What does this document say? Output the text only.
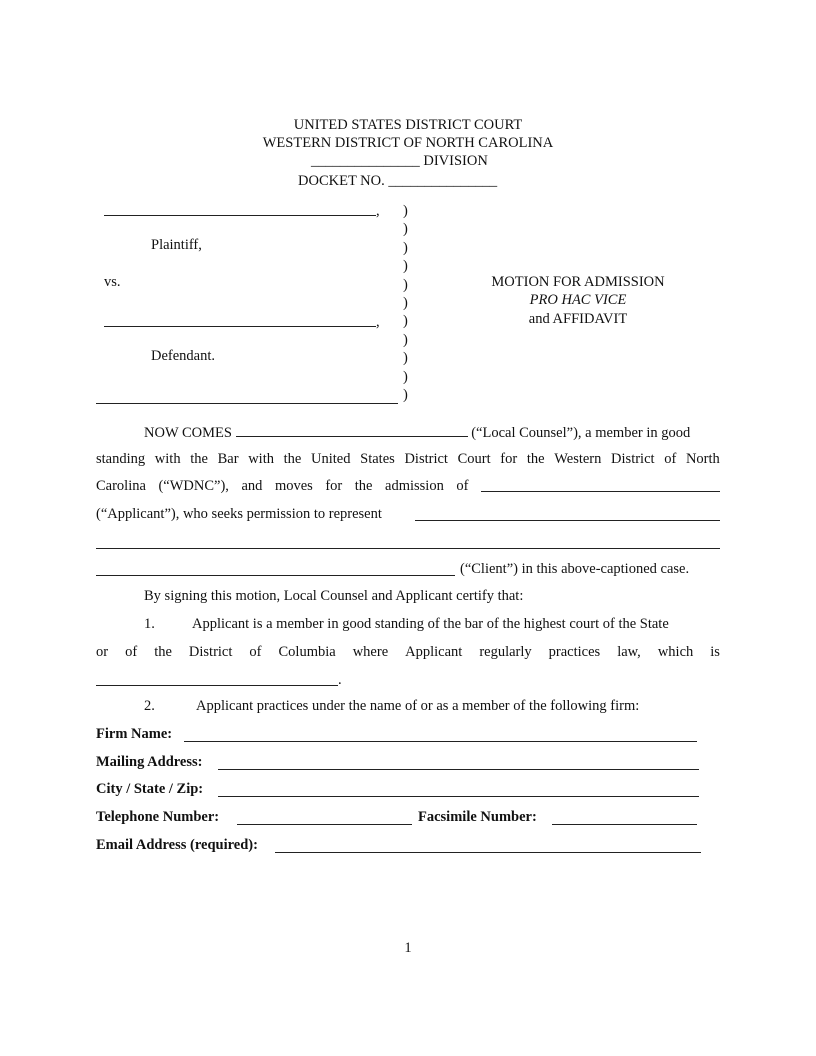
UNITED STATES DISTRICT COURT
WESTERN DISTRICT OF NORTH CAROLINA
_______________ DIVISION
DOCKET NO. _______________
,
Plaintiff,
vs.
,
Defendant.
)
)
)
)
)
)
)
)
)
)
)
MOTION FOR ADMISSION
PRO HAC VICE
and AFFIDAVIT
NOW COMES	(“Local Counsel”), a member in good
standing with the Bar with the United States District Court for the Western District of North
Carolina (“WDNC”), and moves for the admission of
(“Applicant”), who seeks permission to represent
(“Client”) in this above-captioned case.
By signing this motion, Local Counsel and Applicant certify that:
1.	Applicant is a member in good standing of the bar of the highest court of the State
or of the District of Columbia where Applicant regularly practices law, which is
.
2.	Applicant practices under the name of or as a member of the following firm:
Firm Name:
Mailing Address:
City / State / Zip:
Telephone Number:	Facsimile Number:
Email Address (required):
1
